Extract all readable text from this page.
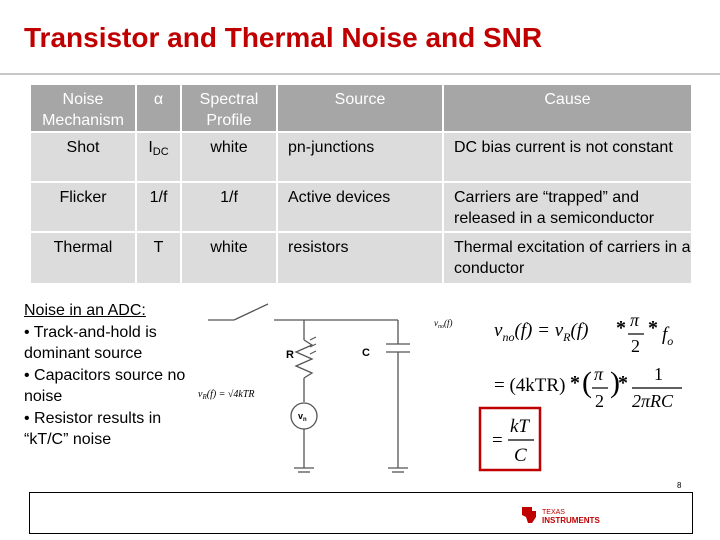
Transistor and Thermal Noise and SNR
Noise Mechanism	α	Spectral Profile	Source	Cause
Shot	$I_{DC}$	white	pn-junctions	DC bias current is not constant
Flicker	1/f	1/f	Active devices	Carriers are “trapped” and released in a semiconductor
Thermal	T	white	resistors	Thermal excitation of carriers in a conductor
Noise in an ADC:
• Track-and-hold is dominant source
• Capacitors source no noise
• Resistor results in “kT/C” noise
R	C
$v_n$
$v_R(f) = √4kTR$
$v_{no}(f) v_{no}(f) = v_R(f) * \pi$
2
* $f_o$
= (4kTR) * ( π
2
)
* 1
2πRC
=
kT
C
8
TEXAS
INSTRUMENTS
